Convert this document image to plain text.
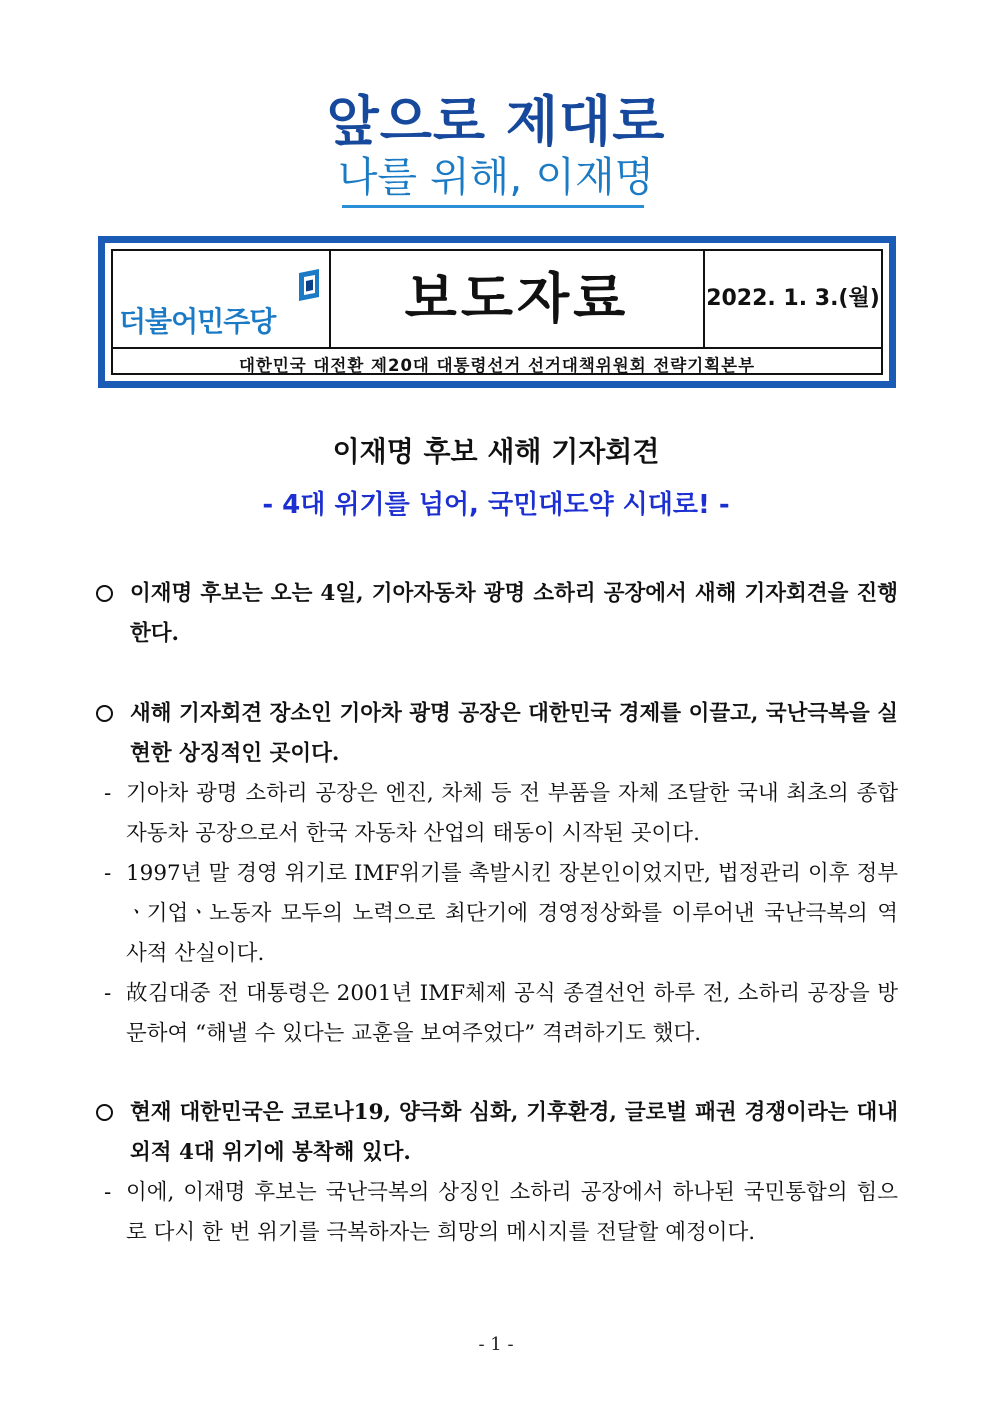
앞으로 제대로
나를 위해, 이재명
더불어민주당	보도자료	2022. 1. 3.(월)
대한민국 대전환 제20대 대통령선거 선거대책위원회 전략기획본부
이재명 후보 새해 기자회견
- 4대 위기를 넘어, 국민대도약 시대로! -
이재명 후보는 오는 4일, 기아자동차 광명 소하리 공장에서 새해 기자회견을 진행한다.
새해 기자회견 장소인 기아차 광명 공장은 대한민국 경제를 이끌고, 국난극복을 실현한 상징적인 곳이다.
- 기아차 광명 소하리 공장은 엔진, 차체 등 전 부품을 자체 조달한 국내 최초의 종합 자동차 공장으로서 한국 자동차 산업의 태동이 시작된 곳이다.
- 1997년 말 경영 위기로 IMF위기를 촉발시킨 장본인이었지만, 법정관리 이후 정부ㆍ기업ㆍ노동자 모두의 노력으로 최단기에 경영정상화를 이루어낸 국난극복의 역사적 산실이다.
- 故김대중 전 대통령은 2001년 IMF체제 공식 종결선언 하루 전, 소하리 공장을 방문하여 “해낼 수 있다는 교훈을 보여주었다” 격려하기도 했다.
현재 대한민국은 코로나19, 양극화 심화, 기후환경, 글로벌 패권 경쟁이라는 대내외적 4대 위기에 봉착해 있다.
- 이에, 이재명 후보는 국난극복의 상징인 소하리 공장에서 하나된 국민통합의 힘으로 다시 한 번 위기를 극복하자는 희망의 메시지를 전달할 예정이다.
- 1 -
